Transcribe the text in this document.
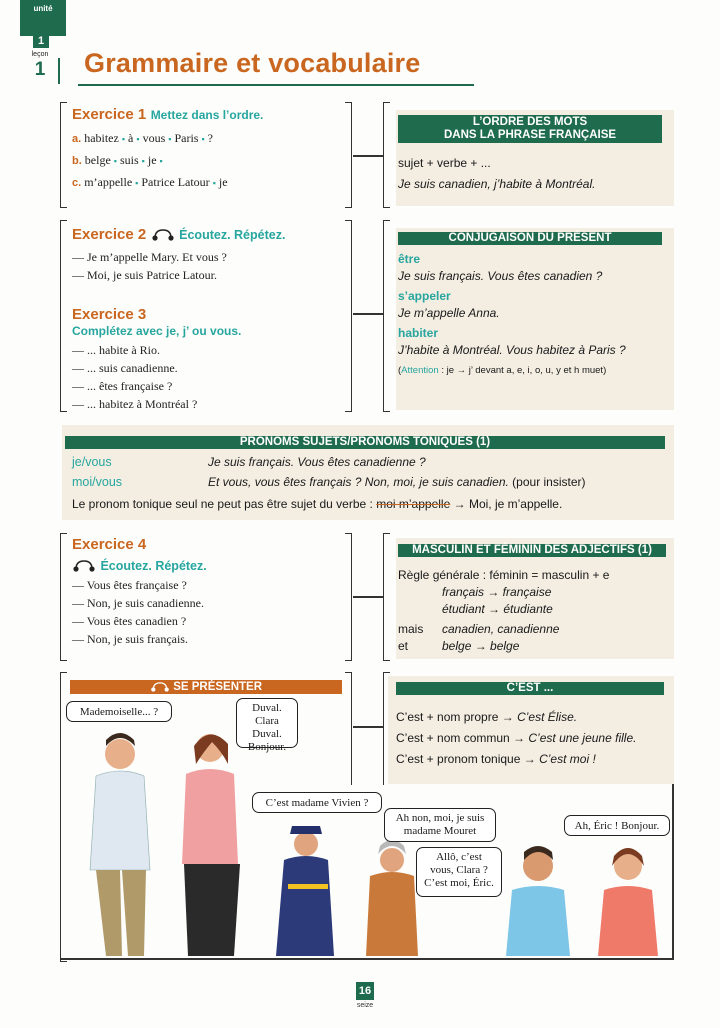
unité
1
leçon
1	Grammaire et vocabulaire
Exercice 1 Mettez dans l’ordre.
a. habitez ▪ à ▪ vous ▪ Paris ▪ ?
b. belge ▪ suis ▪ je ▪
c. m’appelle ▪ Patrice Latour ▪ je
L’ORDRE DES MOTS
DANS LA PHRASE FRANÇAISE
sujet + verbe + ...
Je suis canadien, j’habite à Montréal.
Exercice 2	Écoutez. Répétez.
— Je m’appelle Mary. Et vous ?
— Moi, je suis Patrice Latour.
Exercice 3
Complétez avec je, j’ ou vous.
— ... habite à Rio.
— ... suis canadienne.
— ... êtes française ?
— ... habitez à Montréal ?
CONJUGAISON DU PRÉSENT
être
Je suis français. Vous êtes canadien ?
s’appeler
Je m’appelle Anna.
habiter
J’habite à Montréal. Vous habitez à Paris ?
(Attention : je → j’ devant a, e, i, o, u, y et h muet)
PRONOMS SUJETS/PRONOMS TONIQUES (1)
je/vous	Je suis français. Vous êtes canadienne ?
moi/vous	Et vous, vous êtes français ? Non, moi, je suis canadien. (pour insister)
Le pronom tonique seul ne peut pas être sujet du verbe : moi m’appelle → Moi, je m’appelle.
Exercice 4
Écoutez. Répétez.
— Vous êtes française ?
— Non, je suis canadienne.
— Vous êtes canadien ?
— Non, je suis français.
MASCULIN ET FÉMININ DES ADJECTIFS (1)
Règle générale : féminin = masculin + e
français → française
étudiant → étudiante
mais canadien, canadienne
et	belge → belge
SE PRÉSENTER	C’EST ...
C’est + nom propre → C’est Élise.
C’est + nom commun → C’est une jeune fille.
C’est + pronom tonique → C’est moi !
Mademoiselle... ?	Duval.
Clara Duval.
Bonjour.
C’est madame Vivien ?
Ah non, moi, je suis
madame Mouret
Allô, c’est
vous, Clara ?
C’est moi, Éric.
Ah, Éric ! Bonjour.
16
seize
